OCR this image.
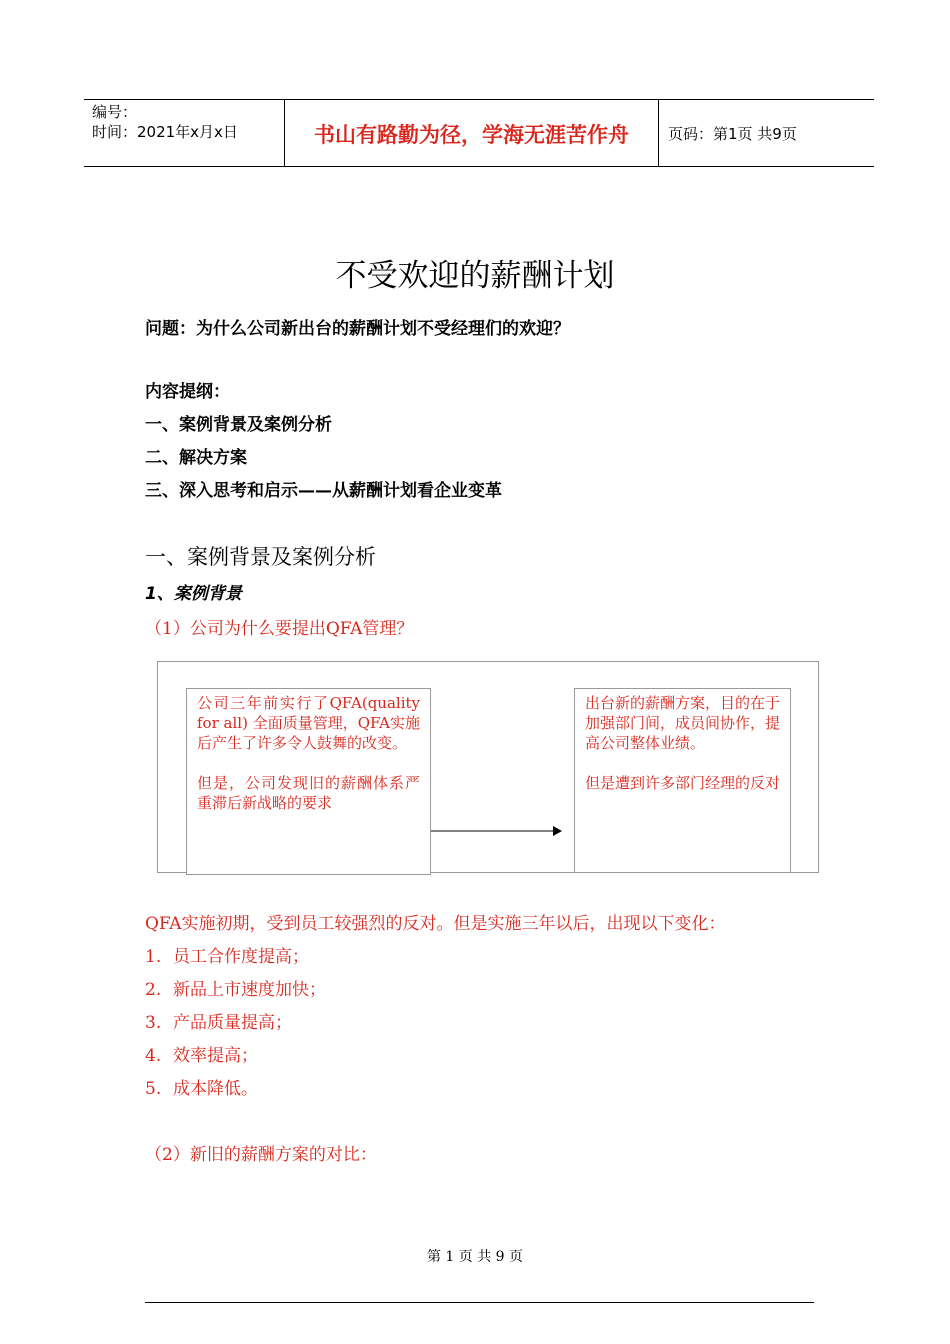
编号：
时间：2021年x月x日	书山有路勤为径，学海无涯苦作舟	页码：第1页 共9页
不受欢迎的薪酬计划
问题：为什么公司新出台的薪酬计划不受经理们的欢迎？
内容提纲：
一、案例背景及案例分析
二、解决方案
三、深入思考和启示——从薪酬计划看企业变革
一、案例背景及案例分析
1、案例背景
（1）公司为什么要提出QFA管理？

公司三年前实行了QFA(quality for all) 全面质量管理，QFA实施后产生了许多令人鼓舞的改变。

但是，公司发现旧的薪酬体系严重滞后新战略的要求

出台新的薪酬方案，目的在于加强部门间，成员间协作，提高公司整体业绩。

但是遭到许多部门经理的反对

QFA实施初期，受到员工较强烈的反对。但是实施三年以后，出现以下变化：
1. 员工合作度提高；
2. 新品上市速度加快；
3. 产品质量提高；
4. 效率提高；
5. 成本降低。
（2）新旧的薪酬方案的对比：
第 1 页 共 9 页
